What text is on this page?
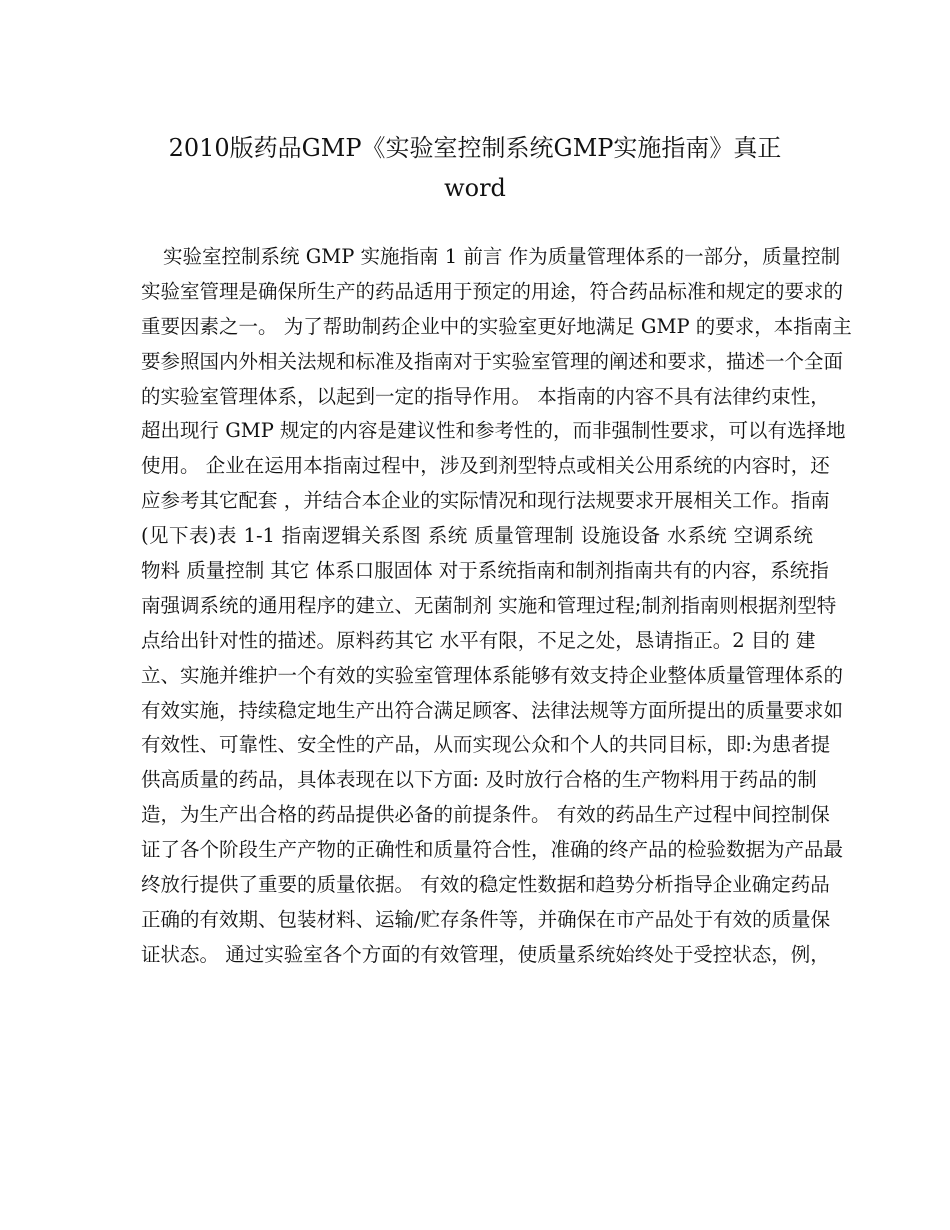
2010版药品GMP《实验室控制系统GMP实施指南》真正
word
实验室控制系统 GMP 实施指南 1 前言 作为质量管理体系的一部分，质量控制
实验室管理是确保所生产的药品适用于预定的用途，符合药品标准和规定的要求的
重要因素之一。 为了帮助制药企业中的实验室更好地满足 GMP 的要求，本指南主
要参照国内外相关法规和标准及指南对于实验室管理的阐述和要求，描述一个全面
的实验室管理体系，以起到一定的指导作用。 本指南的内容不具有法律约束性，
超出现行 GMP 规定的内容是建议性和参考性的，而非强制性要求，可以有选择地
使用。 企业在运用本指南过程中，涉及到剂型特点或相关公用系统的内容时，还
应参考其它配套 ，并结合本企业的实际情况和现行法规要求开展相关工作。指南
(见下表)表 1-1 指南逻辑关系图 系统 质量管理制 设施设备 水系统 空调系统
物料 质量控制 其它 体系口服固体 对于系统指南和制剂指南共有的内容，系统指
南强调系统的通用程序的建立、无菌制剂 实施和管理过程;制剂指南则根据剂型特
点给出针对性的描述。原料药其它 水平有限，不足之处，恳请指正。2 目的 建
立、实施并维护一个有效的实验室管理体系能够有效支持企业整体质量管理体系的
有效实施，持续稳定地生产出符合满足顾客、法律法规等方面所提出的质量要求如
有效性、可靠性、安全性的产品，从而实现公众和个人的共同目标，即:为患者提
供高质量的药品，具体表现在以下方面: 及时放行合格的生产物料用于药品的制
造，为生产出合格的药品提供必备的前提条件。 有效的药品生产过程中间控制保
证了各个阶段生产产物的正确性和质量符合性，准确的终产品的检验数据为产品最
终放行提供了重要的质量依据。 有效的稳定性数据和趋势分析指导企业确定药品
正确的有效期、包装材料、运输/贮存条件等，并确保在市产品处于有效的质量保
证状态。 通过实验室各个方面的有效管理，使质量系统始终处于受控状态，例，
